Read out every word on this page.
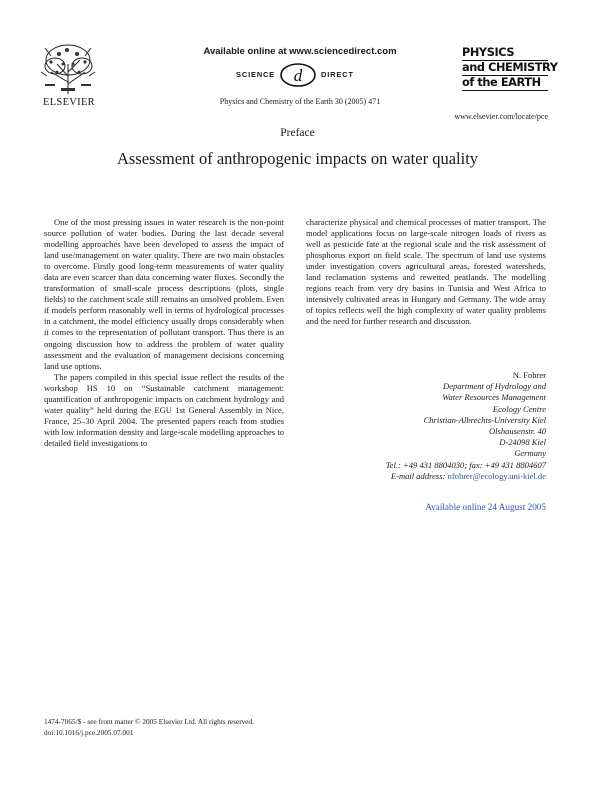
ELSEVIER
Available online at www.sciencedirect.com
SCIENCE d	DIRECT
Physics and Chemistry of the Earth 30 (2005) 471
PHYSICS
and CHEMISTRY
of the EARTH
www.elsevier.com/locate/pce
Preface
Assessment of anthropogenic impacts on water quality

One of the most pressing issues in water research is the non-point source pollution of water bodies. During the last decade several modelling approaches have been developed to assess the impact of land use/management on water quality. There are two main obstacles to overcome. Firstly good long-term measurements of water quality data are even scarcer than data concerning water fluxes. Secondly the transformation of small-scale process descriptions (plots, single fields) to the catchment scale still remains an unsolved problem. Even if models perform reasonably well in terms of hydrological processes in a catchment, the model efficiency usually drops considerably when it comes to the representation of pollutant transport. Thus there is an ongoing discussion how to address the problem of water quality assessment and the evaluation of management decisions concerning land use options.

The papers compiled in this special issue reflect the results of the workshop HS 10 on “Sustainable catchment management: quantification of anthropogenic impacts on catchment hydrology and water quality” held during the EGU 1st General Assembly in Nice, France, 25–30 April 2004. The presented papers reach from studies with low information density and large-scale modelling approaches to detailed field investigations to

characterize physical and chemical processes of matter transport. The model applications focus on large-scale nitrogen loads of rivers as well as pesticide fate at the regional scale and the risk assessment of phosphorus export on field scale. The spectrum of land use systems under investigation covers agricultural areas, forested watersheds, land reclamation systems and rewetted peatlands. The modelling regions reach from very dry basins in Tunisia and West Africa to intensively cultivated areas in Hungary and Germany. The wide array of topics reflects well the high complexity of water quality problems and the need for further research and discussion.

N. Fohrer
Department of Hydrology and
Water Resources Management
Ecology Centre
Christian-Albrechts-University Kiel
Olshausenstr. 40
D-24098 Kiel
Germany
Tel.: +49 431 8804030; fax: +49 431 8804607
E-mail address: nfohrer@ecology.uni-kiel.de
Available online 24 August 2005
1474-7065/$ - see front matter © 2005 Elsevier Ltd. All rights reserved.
doi:10.1016/j.pce.2005.07.001
